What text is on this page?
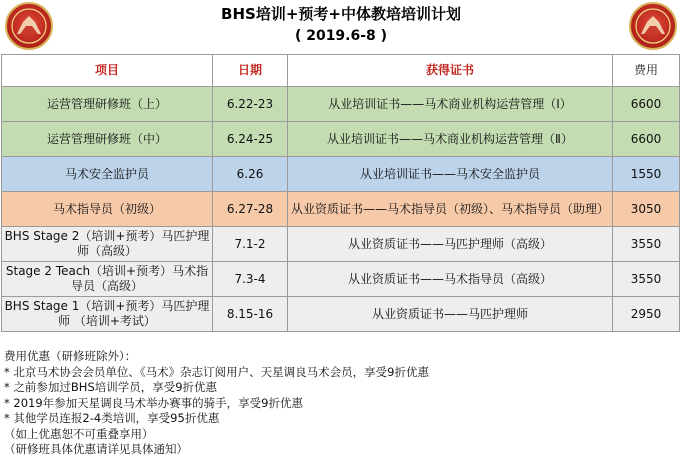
BHS培训+预考+中体教培培训计划
( 2019.6-8 )
项目	日期	获得证书	费用
运营管理研修班（上）	6.22-23	从业培训证书——马术商业机构运营管理（Ⅰ）	6600
运营管理研修班（中）	6.24-25	从业培训证书——马术商业机构运营管理（Ⅱ）	6600
马术安全监护员	6.26	从业培训证书——马术安全监护员	1550
马术指导员（初级）	6.27-28	从业资质证书——马术指导员（初级）、马术指导员（助理）	3050
BHS Stage 2（培训+预考）马匹护理师（高级）	7.1-2	从业资质证书——马匹护理师（高级）	3550
Stage 2 Teach（培训+预考）马术指导员（高级）	7.3-4	从业资质证书——马术指导员（高级）	3550
BHS Stage 1（培训+预考）马匹护理师 （培训+考试）	8.15-16	从业资质证书——马匹护理师	2950
费用优惠（研修班除外）：
* 北京马术协会会员单位、《马术》杂志订阅用户、天星调良马术会员，享受9折优惠
* 之前参加过BHS培训学员，享受9折优惠
* 2019年参加天星调良马术举办赛事的骑手，享受9折优惠
* 其他学员连报2-4类培训，享受95折优惠
（如上优惠恕不可重叠享用）
（研修班具体优惠请详见具体通知）
